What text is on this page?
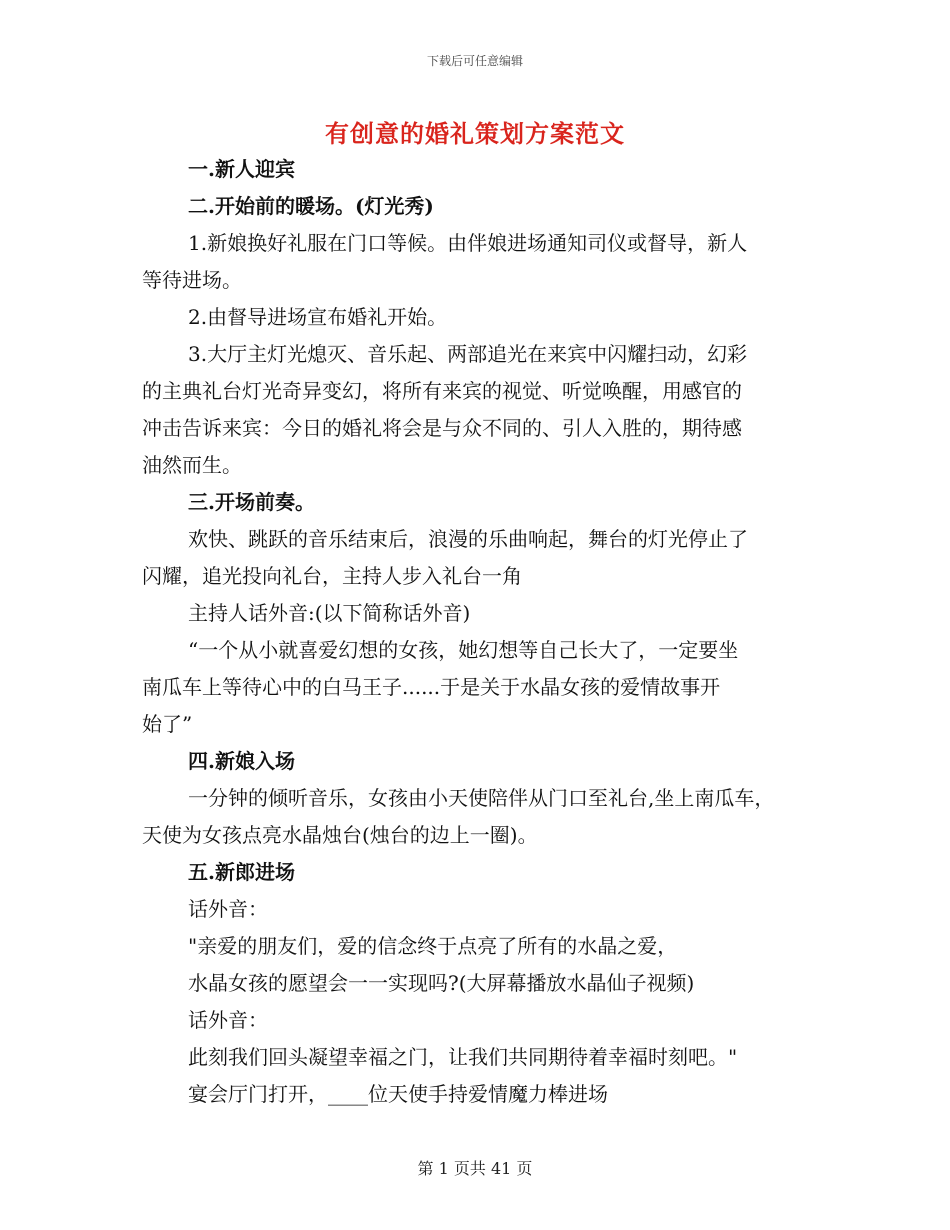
下载后可任意编辑
有创意的婚礼策划方案范文
一.新人迎宾
二.开始前的暖场。(灯光秀)
1.新娘换好礼服在门口等候。由伴娘进场通知司仪或督导，新人
等待进场。
2.由督导进场宣布婚礼开始。
3.大厅主灯光熄灭、音乐起、两部追光在来宾中闪耀扫动，幻彩
的主典礼台灯光奇异变幻，将所有来宾的视觉、听觉唤醒，用感官的
冲击告诉来宾：今日的婚礼将会是与众不同的、引人入胜的，期待感
油然而生。
三.开场前奏。
欢快、跳跃的音乐结束后，浪漫的乐曲响起，舞台的灯光停止了
闪耀，追光投向礼台，主持人步入礼台一角
主持人话外音:(以下简称话外音)
“一个从小就喜爱幻想的女孩，她幻想等自己长大了，一定要坐
南瓜车上等待心中的白马王子......于是关于水晶女孩的爱情故事开
始了”
四.新娘入场
一分钟的倾听音乐，女孩由小天使陪伴从门口至礼台,坐上南瓜车，
天使为女孩点亮水晶烛台(烛台的边上一圈)。
五.新郎进场
话外音：
"亲爱的朋友们，爱的信念终于点亮了所有的水晶之爱，
水晶女孩的愿望会一一实现吗?(大屏幕播放水晶仙子视频)
话外音：
此刻我们回头凝望幸福之门，让我们共同期待着幸福时刻吧。"
宴会厅门打开，____位天使手持爱情魔力棒进场
第 1 页共 41 页
